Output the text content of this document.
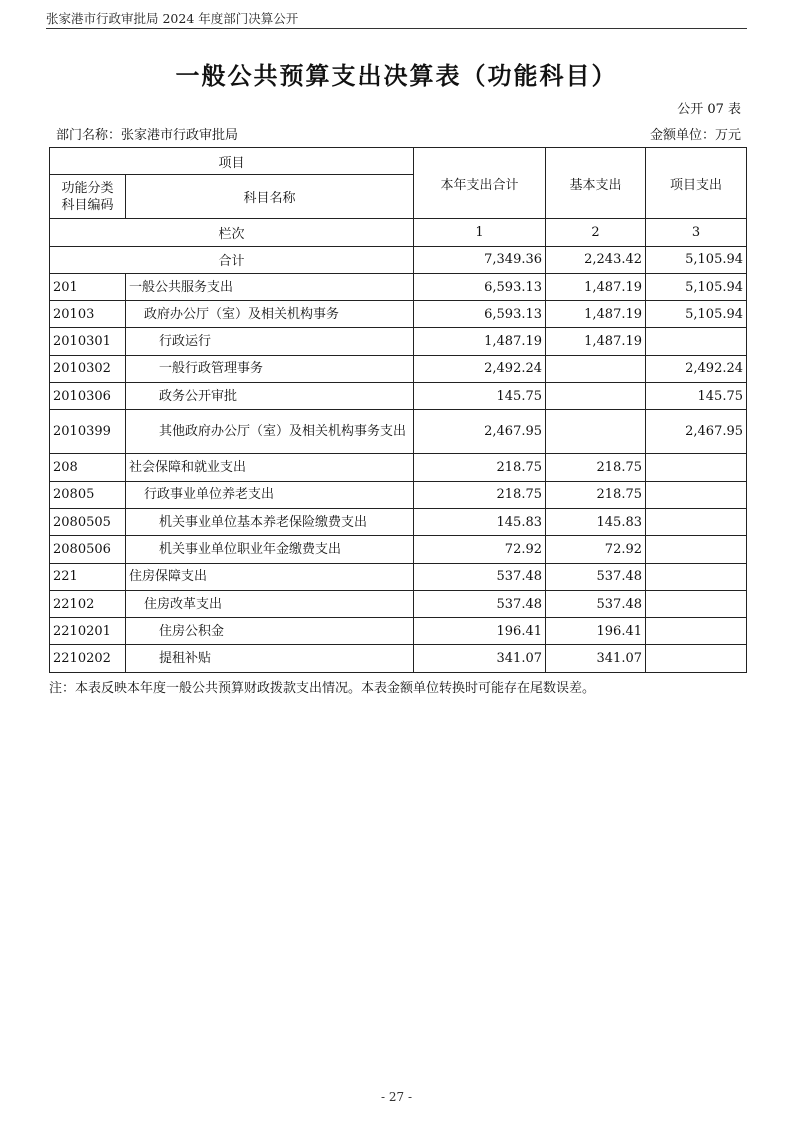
张家港市行政审批局 2024 年度部门决算公开
一般公共预算支出决算表（功能科目）
公开 07 表
部门名称：张家港市行政审批局	金额单位：万元
项目		本年支出合计	基本支出	项目支出
功能分类
科目编码	科目名称			
栏次		1	2	3
合计		7,349.36	2,243.42	5,105.94
201	一般公共服务支出	6,593.13	1,487.19	5,105.94
20103	政府办公厅（室）及相关机构事务	6,593.13	1,487.19	5,105.94
2010301	行政运行	1,487.19	1,487.19	
2010302	一般行政管理事务	2,492.24		2,492.24
2010306	政务公开审批	145.75		145.75
2010399	其他政府办公厅（室）及相关机构事务支出	2,467.95		2,467.95
208	社会保障和就业支出	218.75	218.75	
20805	行政事业单位养老支出	218.75	218.75	
2080505	机关事业单位基本养老保险缴费支出	145.83	145.83	
2080506	机关事业单位职业年金缴费支出	72.92	72.92	
221	住房保障支出	537.48	537.48	
22102	住房改革支出	537.48	537.48	
2210201	住房公积金	196.41	196.41	
2210202	提租补贴	341.07	341.07	
注：本表反映本年度一般公共预算财政拨款支出情况。本表金额单位转换时可能存在尾数误差。
- 27 -
